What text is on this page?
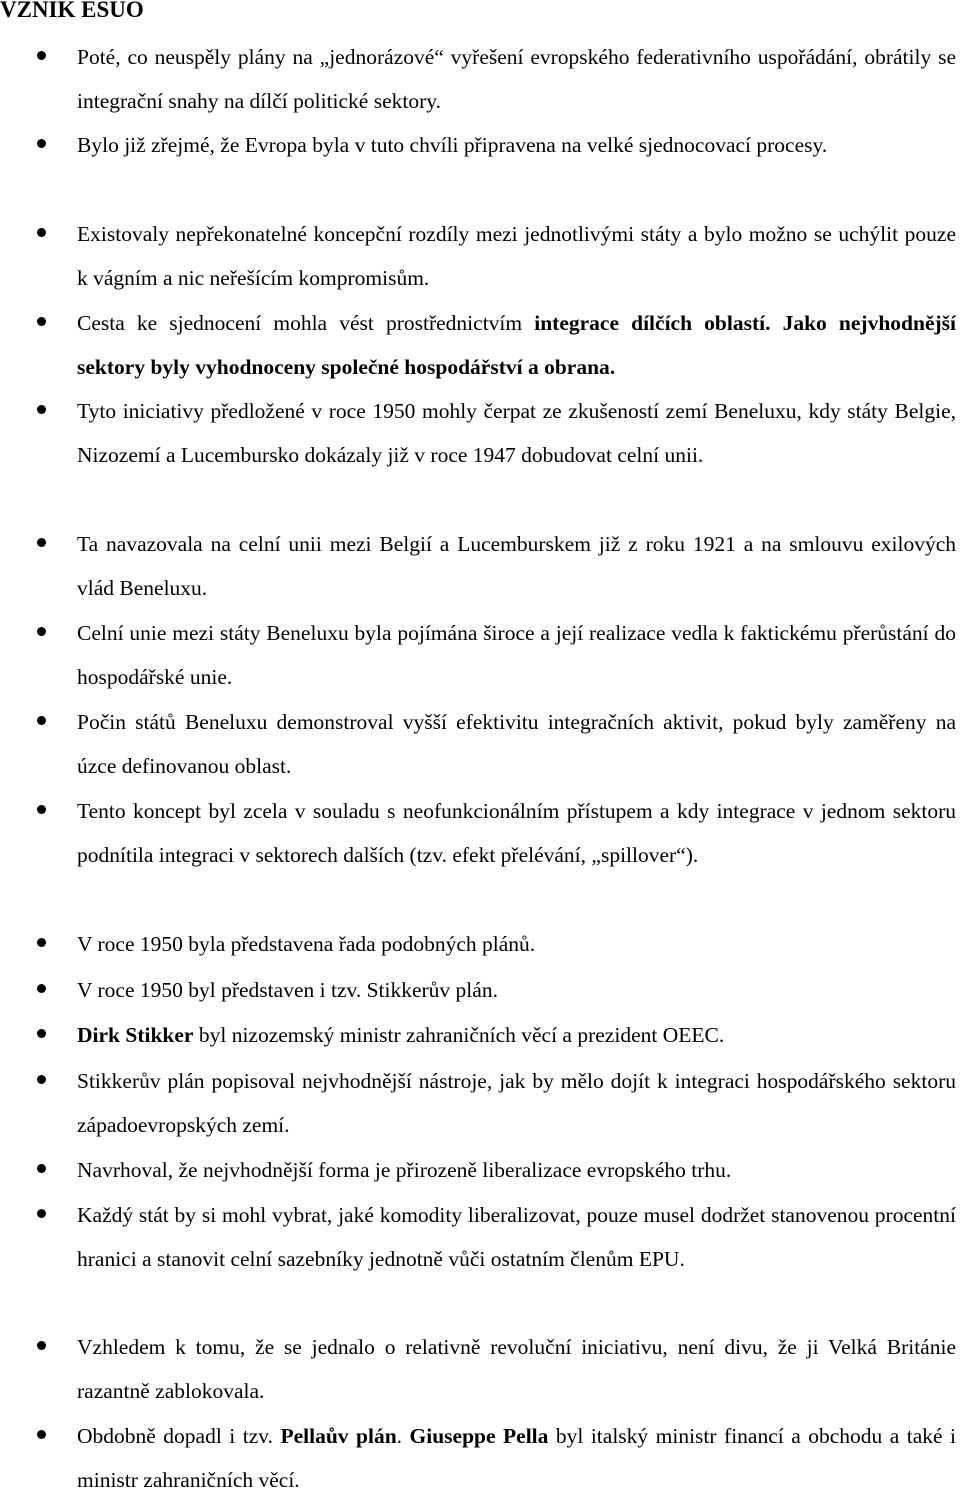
VZNIK ESUO

Poté, co neuspěly plány na „jednorázové“ vyřešení evropského federativního uspořádání, obrátily se integrační snahy na dílčí politické sektory.

Bylo již zřejmé, že Evropa byla v tuto chvíli připravena na velké sjednocovací procesy.

Existovaly nepřekonatelné koncepční rozdíly mezi jednotlivými státy a bylo možno se uchýlit pouze k vágním a nic neřešícím kompromisům.

Cesta ke sjednocení mohla vést prostřednictvím integrace dílčích oblastí. Jako nejvhodnější sektory byly vyhodnoceny společné hospodářství a obrana.

Tyto iniciativy předložené v roce 1950 mohly čerpat ze zkušeností zemí Beneluxu, kdy státy Belgie, Nizozemí a Lucembursko dokázaly již v roce 1947 dobudovat celní unii.

Ta navazovala na celní unii mezi Belgií a Lucemburskem již z roku 1921 a na smlouvu exilových vlád Beneluxu.

Celní unie mezi státy Beneluxu byla pojímána široce a její realizace vedla k faktickému přerůstání do hospodářské unie.

Počin států Beneluxu demonstroval vyšší efektivitu integračních aktivit, pokud byly zaměřeny na úzce definovanou oblast.

Tento koncept byl zcela v souladu s neofunkcionálním přístupem a kdy integrace v jednom sektoru podnítila integraci v sektorech dalších (tzv. efekt přelévání, „spillover“).

V roce 1950 byla představena řada podobných plánů.

V roce 1950 byl představen i tzv. Stikkerův plán.

Dirk Stikker byl nizozemský ministr zahraničních věcí a prezident OEEC.

Stikkerův plán popisoval nejvhodnější nástroje, jak by mělo dojít k integraci hospodářského sektoru západoevropských zemí.

Navrhoval, že nejvhodnější forma je přirozeně liberalizace evropského trhu.

Každý stát by si mohl vybrat, jaké komodity liberalizovat, pouze musel dodržet stanovenou procentní hranici a stanovit celní sazebníky jednotně vůči ostatním členům EPU.

Vzhledem k tomu, že se jednalo o relativně revoluční iniciativu, není divu, že ji Velká Británie razantně zablokovala.

Obdobně dopadl i tzv. Pellaův plán. Giuseppe Pella byl italský ministr financí a obchodu a také i ministr zahraničních věcí.
